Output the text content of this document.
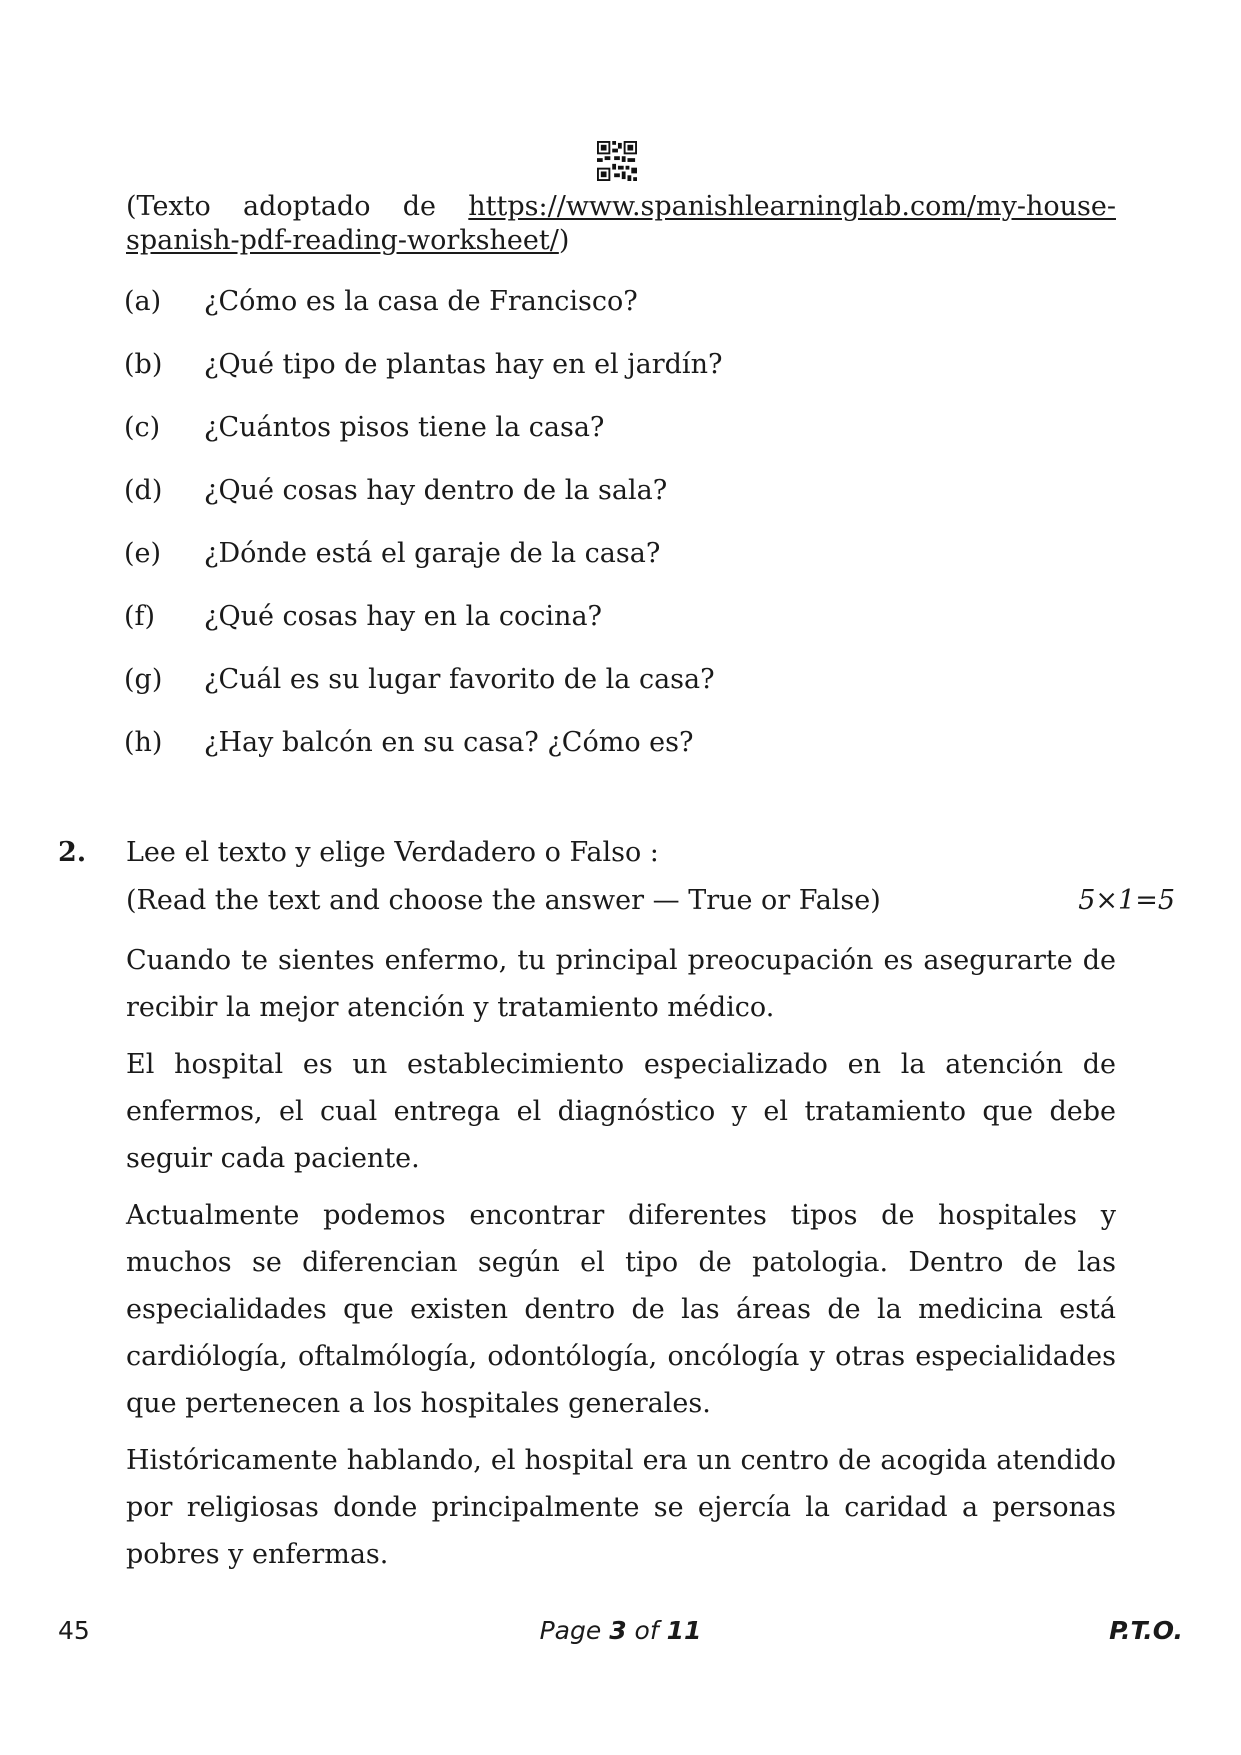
(Texto adoptado de https://www.spanishlearninglab.com/my-house-spanish-pdf-reading-worksheet/)
(a)	¿Cómo es la casa de Francisco?
(b)	¿Qué tipo de plantas hay en el jardín?
(c)	¿Cuántos pisos tiene la casa?
(d)	¿Qué cosas hay dentro de la sala?
(e)	¿Dónde está el garaje de la casa?
(f)	¿Qué cosas hay en la cocina?
(g)	¿Cuál es su lugar favorito de la casa?
(h)	¿Hay balcón en su casa? ¿Cómo es?
2. Lee el texto y elige Verdadero o Falso :
(Read the text and choose the answer — True or False)	5×1=5

Cuando te sientes enfermo, tu principal preocupación es asegurarte de recibir la mejor atención y tratamiento médico.

El hospital es un establecimiento especializado en la atención de enfermos, el cual entrega el diagnóstico y el tratamiento que debe seguir cada paciente.

Actualmente podemos encontrar diferentes tipos de hospitales y muchos se diferencian según el tipo de patologia. Dentro de las especialidades que existen dentro de las áreas de la medicina está cardiólogía, oftalmólogía, odontólogía, oncólogía y otras especialidades que pertenecen a los hospitales generales.

Históricamente hablando, el hospital era un centro de acogida atendido por religiosas donde principalmente se ejercía la caridad a personas pobres y enfermas.

45	Page 3 of 11	P.T.O.
